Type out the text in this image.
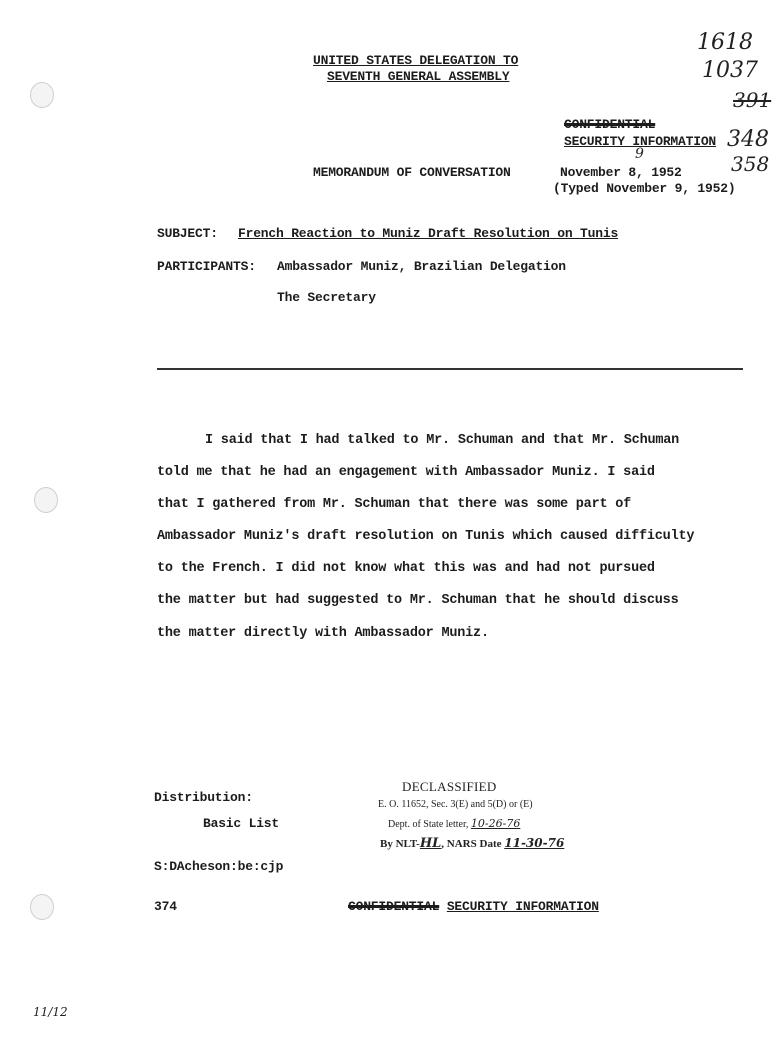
UNITED STATES DELEGATION TO
SEVENTH GENERAL ASSEMBLY
1618
1037
391
CONFIDENTIAL
SECURITY INFORMATION 348
358
MEMORANDUM OF CONVERSATION	November 8, 1952
9
(Typed November 9, 1952)
SUBJECT: French Reaction to Muniz Draft Resolution on Tunis
PARTICIPANTS: Ambassador Muniz, Brazilian Delegation
The Secretary
I said that I had talked to Mr. Schuman and that Mr. Schuman
told me that he had an engagement with Ambassador Muniz. I said
that I gathered from Mr. Schuman that there was some part of
Ambassador Muniz's draft resolution on Tunis which caused difficulty
to the French. I did not know what this was and had not pursued
the matter but had suggested to Mr. Schuman that he should discuss
the matter directly with Ambassador Muniz.
DECLASSIFIED
E. O. 11652, Sec. 3(E) and 5(D) or (E)
Dept. of State letter, 10-26-76
By NLT-HL, NARS Date 11-30-76
Distribution:
Basic List
S:DAcheson:be:cjp
374	CONFIDENTIAL SECURITY INFORMATION
11/12
